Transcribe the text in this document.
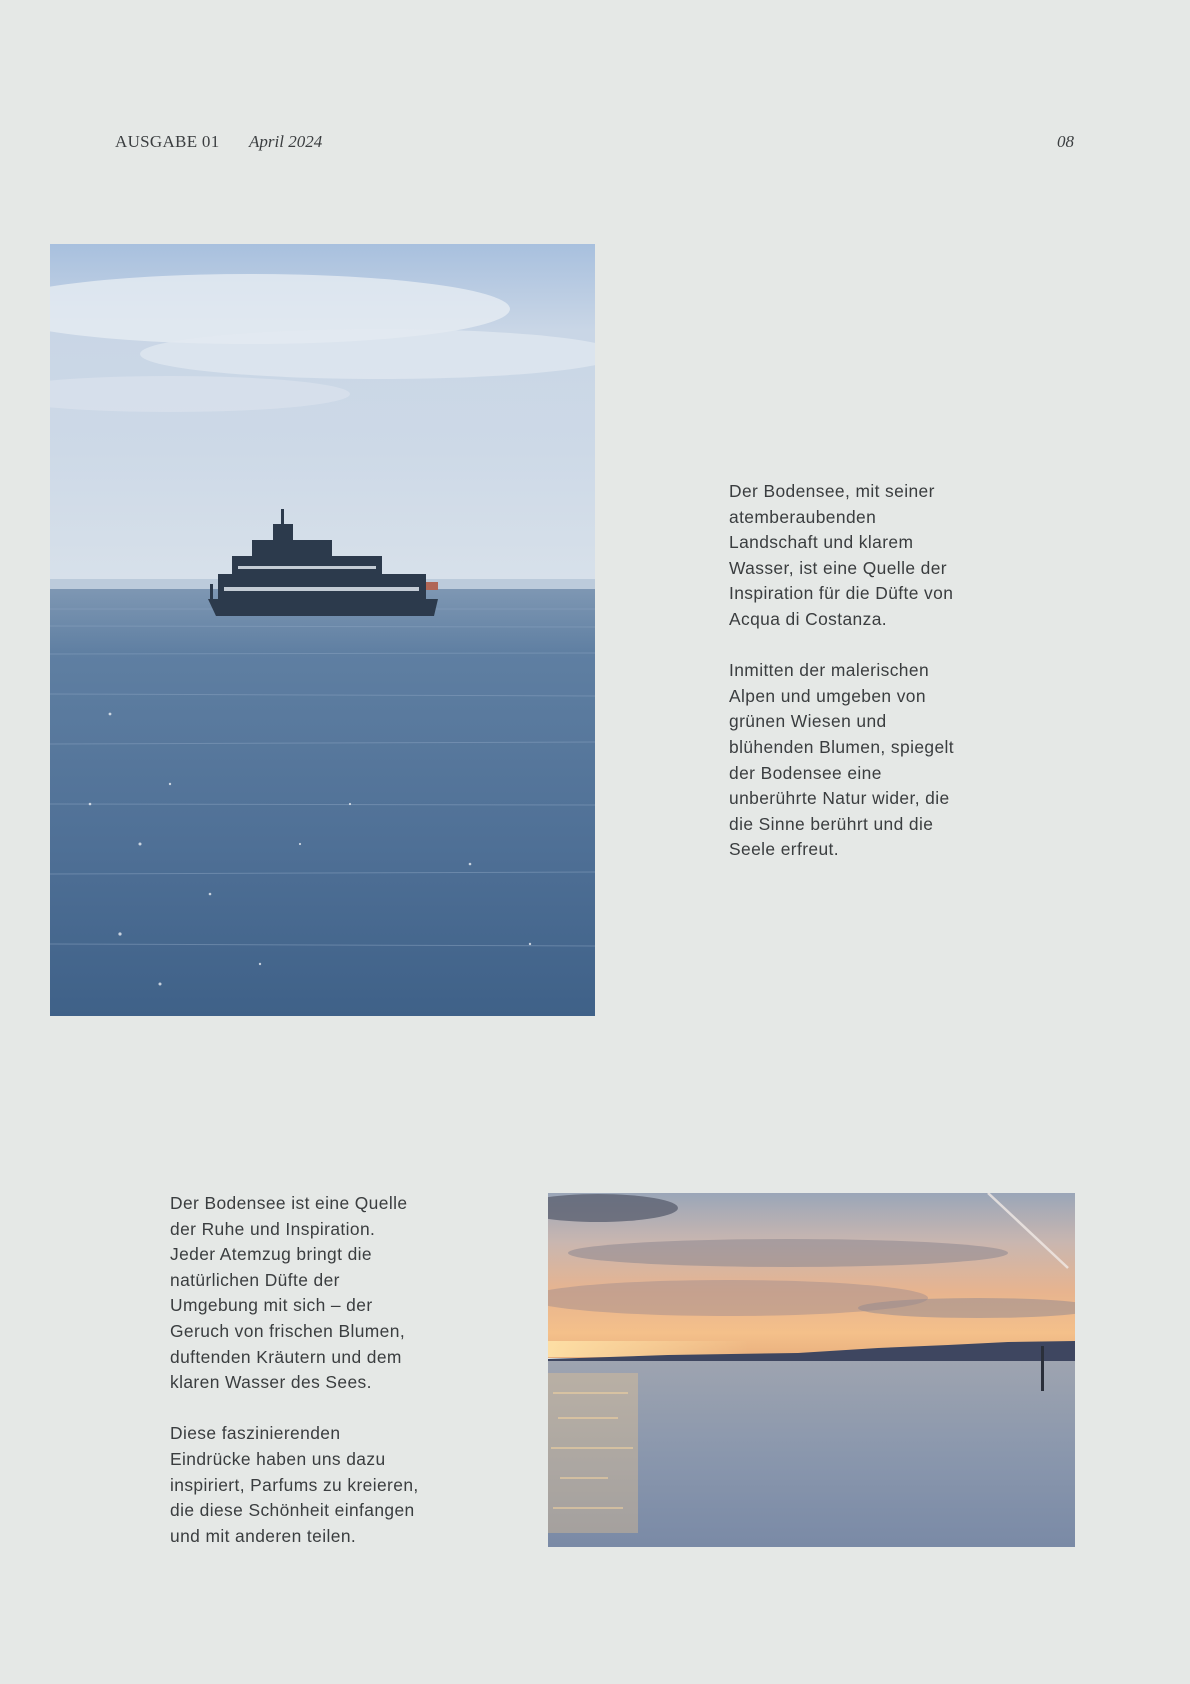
AUSGABE 01 April 2024	08

Der Bodensee, mit seiner
atemberaubenden
Landschaft und klarem
Wasser, ist eine Quelle der
Inspiration für die Düfte von
Acqua di Costanza.

Inmitten der malerischen
Alpen und umgeben von
grünen Wiesen und
blühenden Blumen, spiegelt
der Bodensee eine
unberührte Natur wider, die
die Sinne berührt und die
Seele erfreut.

Der Bodensee ist eine Quelle
der Ruhe und Inspiration.
Jeder Atemzug bringt die
natürlichen Düfte der
Umgebung mit sich – der
Geruch von frischen Blumen,
duftenden Kräutern und dem
klaren Wasser des Sees.

Diese faszinierenden
Eindrücke haben uns dazu
inspiriert, Parfums zu kreieren,
die diese Schönheit einfangen
und mit anderen teilen.
